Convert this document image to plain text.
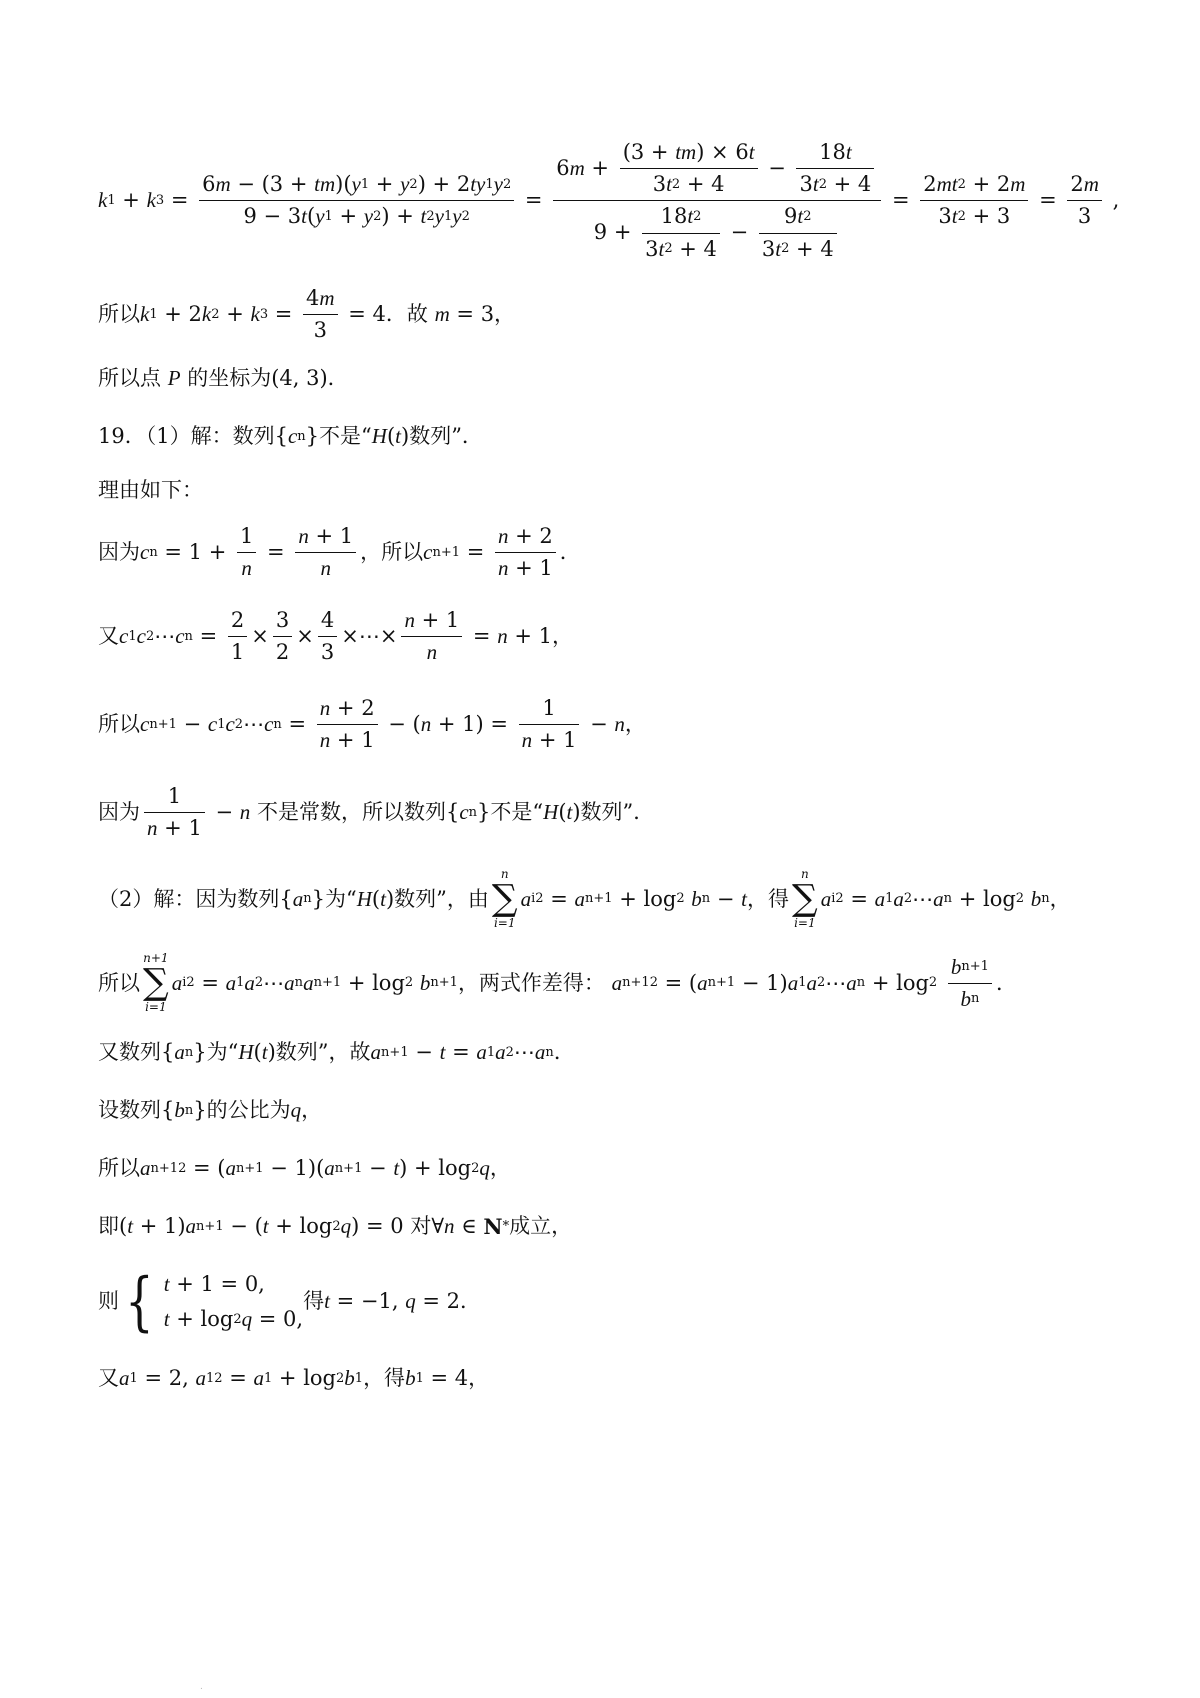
k 1 + k $3 = \frac{6 m - (3 + tm )( y 1 + y 2 ) + 2 ty 1 y 2}{9 - 3 t ( y 1 + y 2 ) + t 2 y 1 y 2}$ =
6 $m + \frac{(3 + tm ) \times 6 t}{3 t 2 + 4} - \frac{18 t}{3 t 2 + 4}$
$9 + \frac{18 t 2}{3 t 2 + 4} - \frac{9 t 2}{3 t 2 + 4}$
= $\frac{2 mt 2 + 2 m}{3 t 2 + 3} = \frac{2 m}{3}$ ,
所以 k 1 + 2 k 2 + k $3 = \frac{4 m}{3} = 4$．故 m = 3，
所以点 P 的坐标为(4, 3)．
19．（1）解：数列{ c n }不是“ H ( t )数列”．
理由如下：
因为 c $n = 1 + \frac{1}{n} = \frac{n + 1}{n}$ ，所以 c $n+1 = \frac{n + 2}{n + 1}$ ．
又 c 1 c 2 ⋯ c $n = \frac{2}{1} \times \frac{3}{2} \times \frac{4}{3}$ ×⋯× $\frac{n + 1}{n} = n + 1$，
所以 c n+1 − c 1 c 2 ⋯ c $n = \frac{n + 2}{n + 1}$ − ( $n + 1) = \frac{1}{n + 1} - n$ ，
因为 $\frac{1}{n + 1} - n$ 不是常数，所以数列{ c n }不是“ H ( t )数列”．
（2）解：因为数列{ a n }为“ H ( t )数列”，由
n
∑
i=1
a i 2 = a n+1 + log 2
b n − t ，得
n
∑
i=1
a i 2 = a 1 a 2 ⋯ a n + log 2
b n ，
所以
n+1
∑
i=1
a i 2 = a 1 a 2 ⋯ a n a n+1 + log 2
b n+1 ，两式作差得： a n+1 2 = ( a n+1 − 1) a 1 a 2 ⋯ a n + log 2
$\frac{\text{b n+1}}{\text{b n}}$ ．
又数列{ a n }为“ H ( t )数列”，故 a n+1 − t = a 1 a 2 ⋯ a n ．
设数列{ b n }的公比为 q ，
所以 a n+1 2 = ( a n+1 − 1)( a n+1 − t ) + log 2 q ，
即( t + 1) a n+1 − ( t + log 2 q ) = 0 对∀ n ∈ N * 成立，
则 { t + 1 = 0,
t + log 2 q = 0,
得 t = −1, q = 2．
又 a 1 = 2, a 1 2 = a 1 + log 2 b 1 ，得 b 1 = 4，
.
